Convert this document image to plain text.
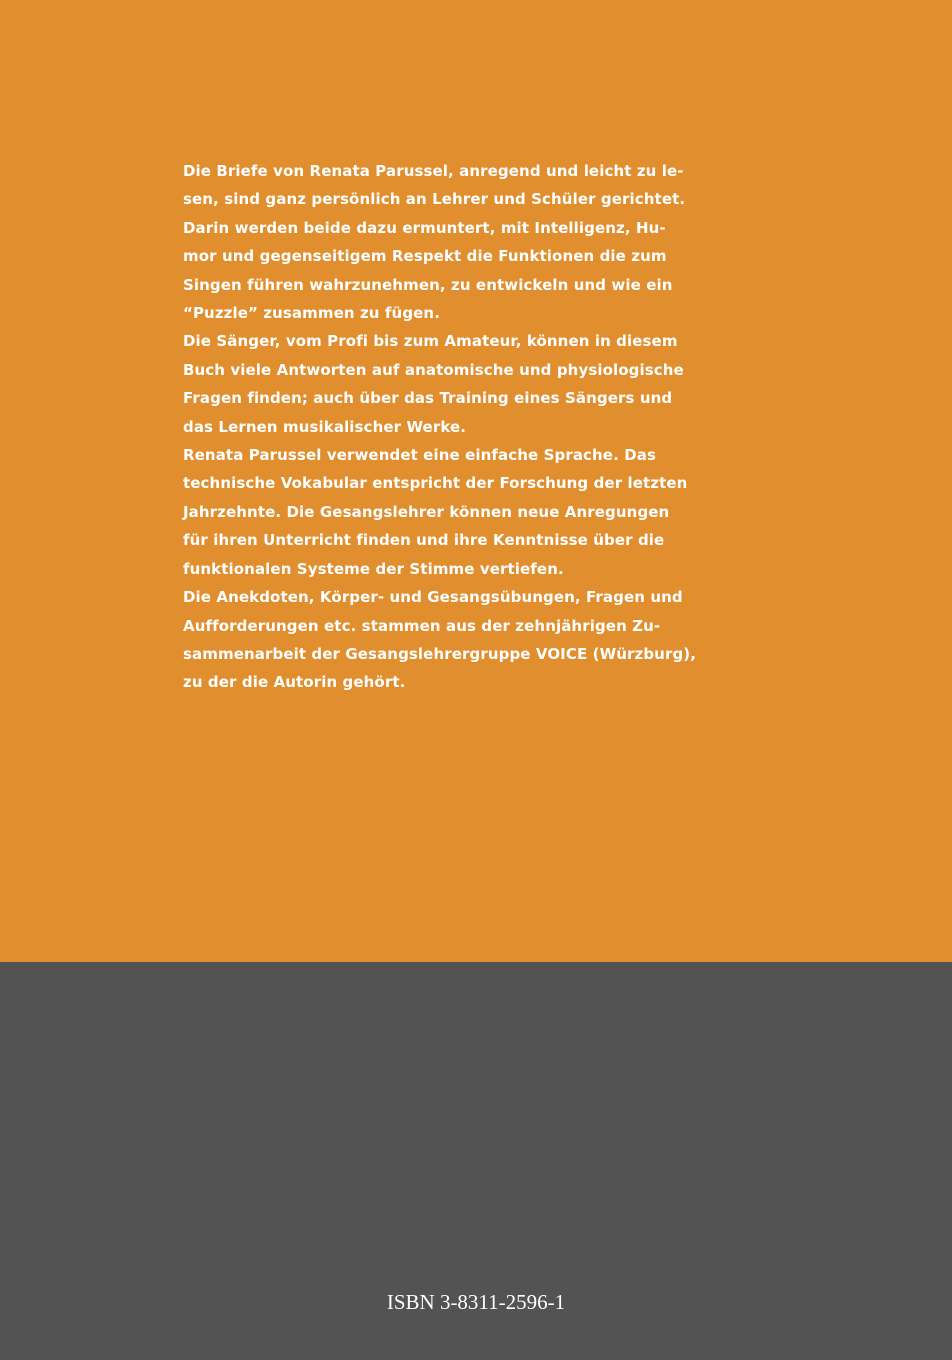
Die Briefe von Renata Parussel, anregend und leicht zu le-
sen, sind ganz persönlich an Lehrer und Schüler gerichtet.
Darin werden beide dazu ermuntert, mit Intelligenz, Hu-
mor und gegenseitigem Respekt die Funktionen die zum
Singen führen wahrzunehmen, zu entwickeln und wie ein
“Puzzle” zusammen zu fügen.
Die Sänger, vom Profi bis zum Amateur, können in diesem
Buch viele Antworten auf anatomische und physiologische
Fragen finden; auch über das Training eines Sängers und
das Lernen musikalischer Werke.
Renata Parussel verwendet eine einfache Sprache. Das
technische Vokabular entspricht der Forschung der letzten
Jahrzehnte. Die Gesangslehrer können neue Anregungen
für ihren Unterricht finden und ihre Kenntnisse über die
funktionalen Systeme der Stimme vertiefen.
Die Anekdoten, Körper- und Gesangsübungen, Fragen und
Aufforderungen etc. stammen aus der zehnjährigen Zu-
sammenarbeit der Gesangslehrergruppe VOICE (Würzburg),
zu der die Autorin gehört.
ISBN 3-8311-2596-1
